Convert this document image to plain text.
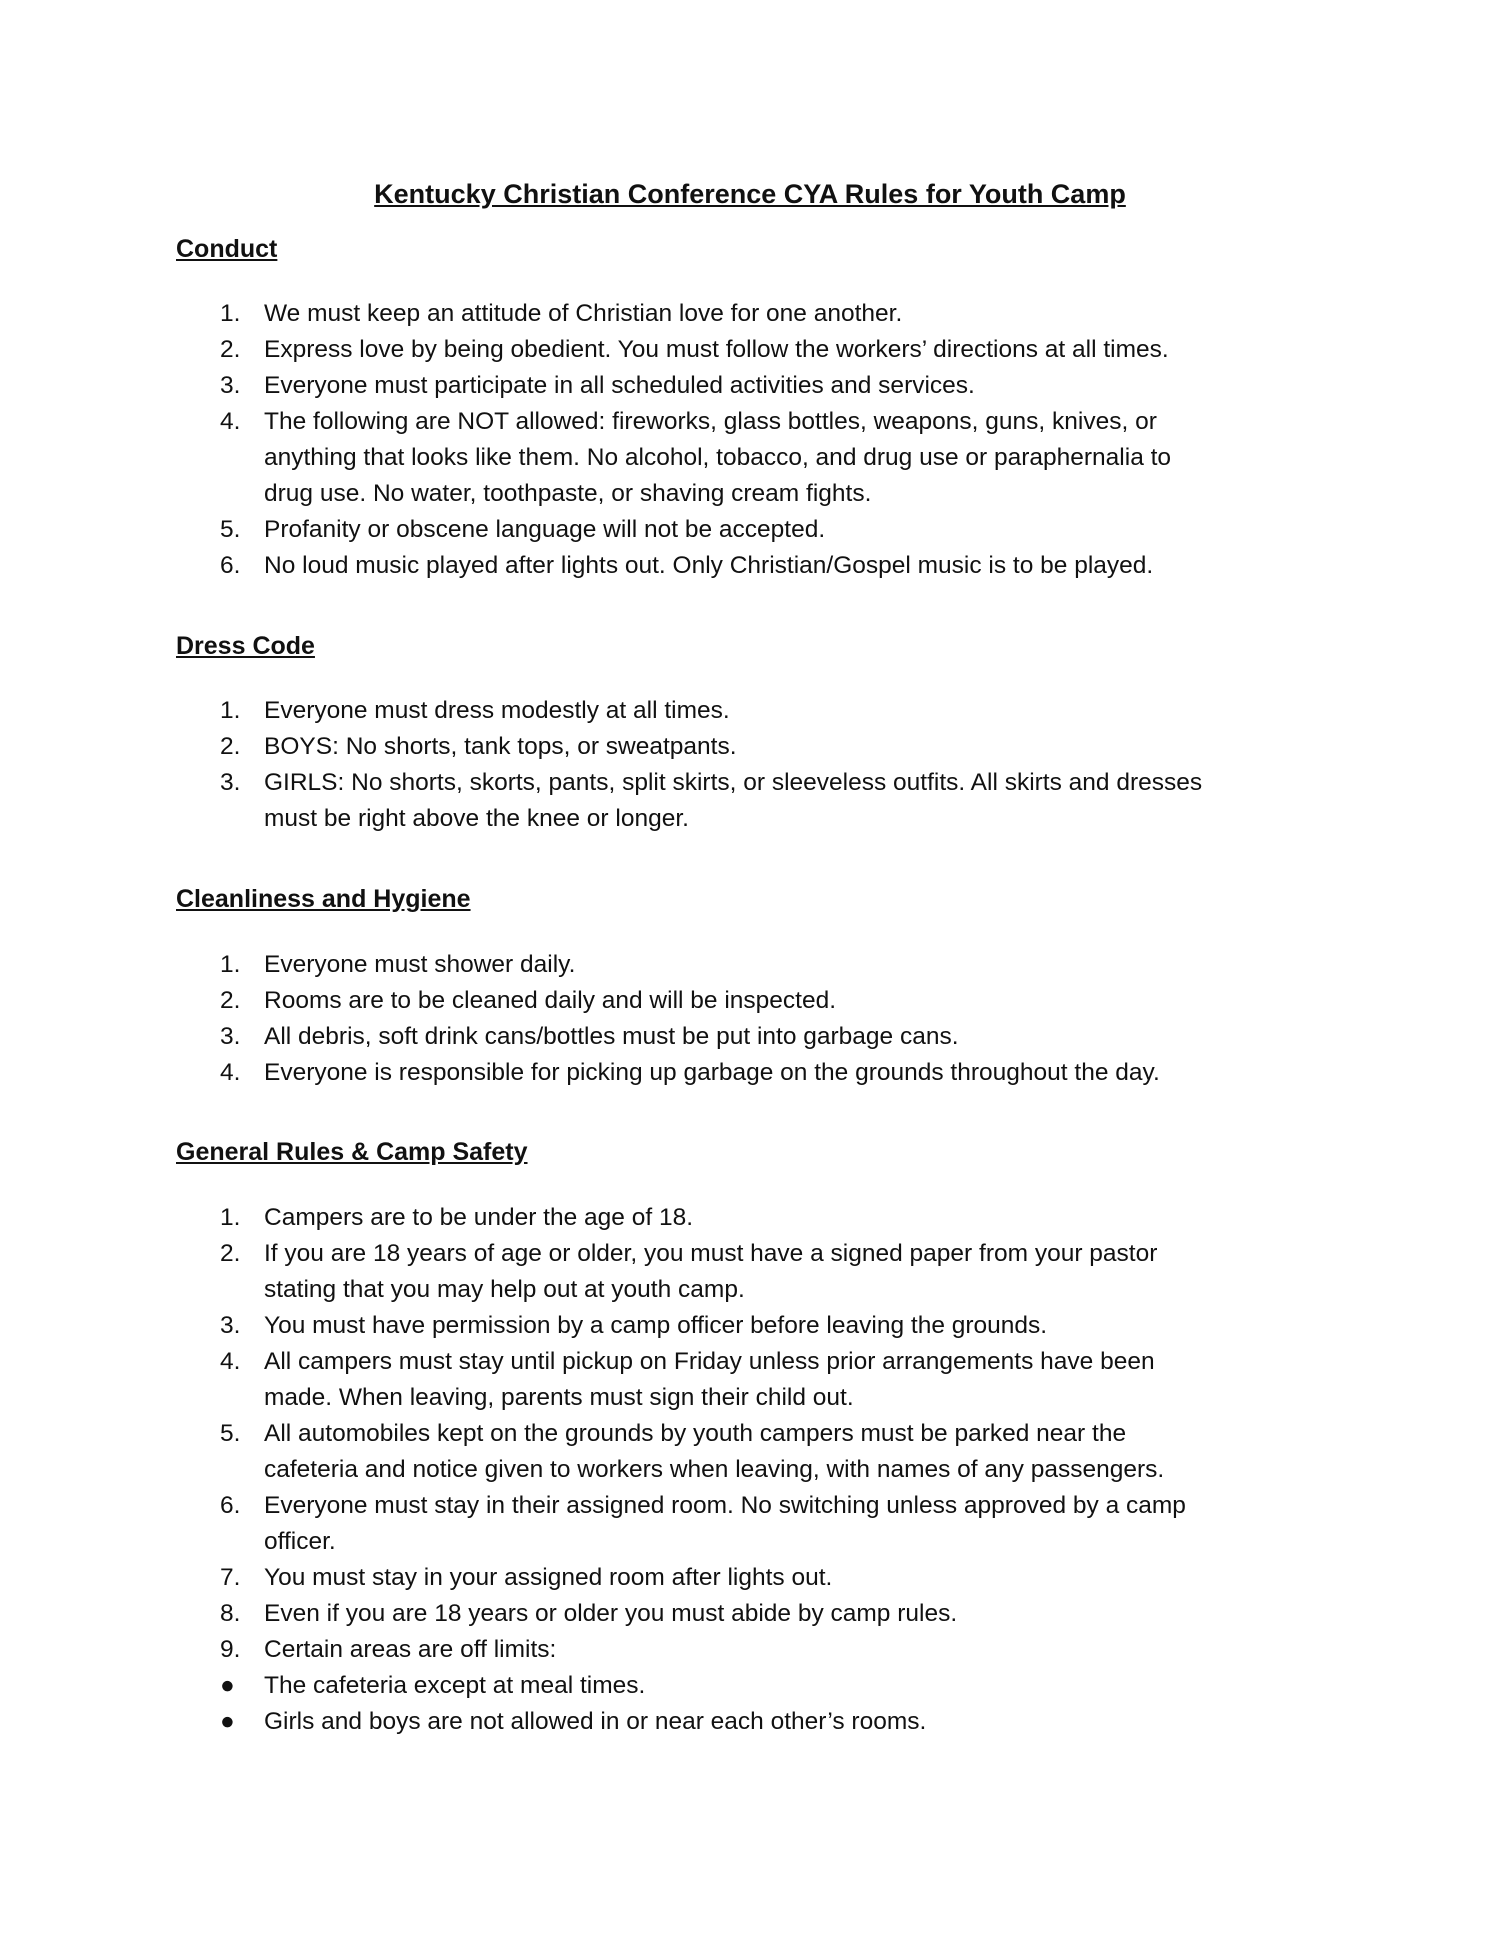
Kentucky Christian Conference CYA Rules for Youth Camp
Conduct
1. We must keep an attitude of Christian love for one another.
2. Express love by being obedient. You must follow the workers’ directions at all times.
3. Everyone must participate in all scheduled activities and services.
4. The following are NOT allowed: fireworks, glass bottles, weapons, guns, knives, or
anything that looks like them. No alcohol, tobacco, and drug use or paraphernalia to
drug use. No water, toothpaste, or shaving cream fights.
5. Profanity or obscene language will not be accepted.
6. No loud music played after lights out. Only Christian/Gospel music is to be played.
Dress Code
1. Everyone must dress modestly at all times.
2. BOYS: No shorts, tank tops, or sweatpants.
3. GIRLS: No shorts, skorts, pants, split skirts, or sleeveless outfits. All skirts and dresses
must be right above the knee or longer.
Cleanliness and Hygiene
1. Everyone must shower daily.
2. Rooms are to be cleaned daily and will be inspected.
3. All debris, soft drink cans/bottles must be put into garbage cans.
4. Everyone is responsible for picking up garbage on the grounds throughout the day.
General Rules & Camp Safety
1. Campers are to be under the age of 18.
2. If you are 18 years of age or older, you must have a signed paper from your pastor
stating that you may help out at youth camp.
3. You must have permission by a camp officer before leaving the grounds.
4. All campers must stay until pickup on Friday unless prior arrangements have been
made. When leaving, parents must sign their child out.
5. All automobiles kept on the grounds by youth campers must be parked near the
cafeteria and notice given to workers when leaving, with names of any passengers.
6. Everyone must stay in their assigned room. No switching unless approved by a camp
officer.
7. You must stay in your assigned room after lights out.
8. Even if you are 18 years or older you must abide by camp rules.
9. Certain areas are off limits:
● The cafeteria except at meal times.
● Girls and boys are not allowed in or near each other’s rooms.
